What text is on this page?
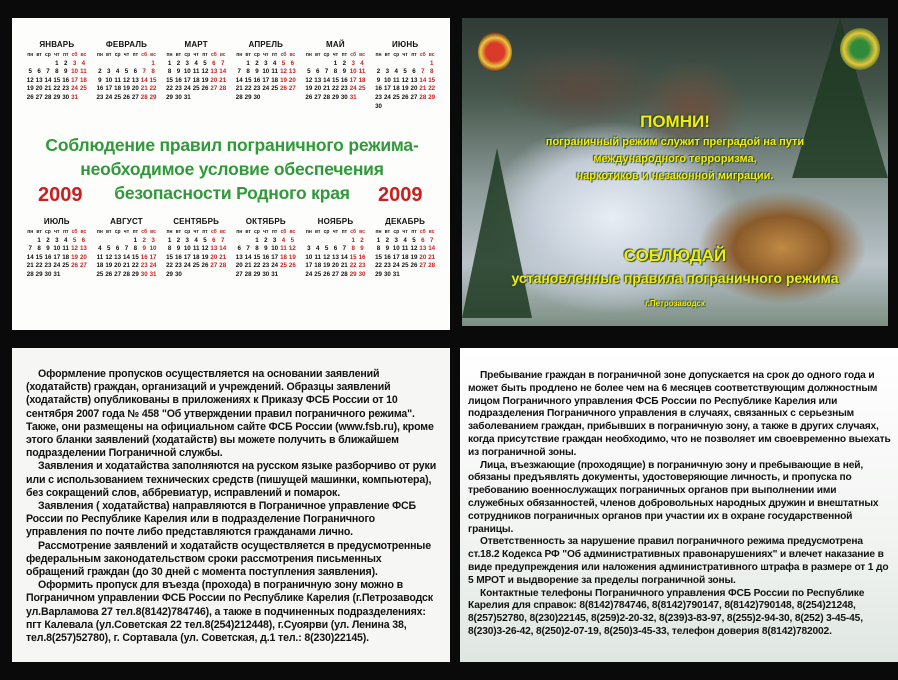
ЯНВАРЬ
пн вт ср чт пт сб вс
1 2 3 4
5 6 7 8 9 10 11
12 13 14 15 16 17 18
19 20 21 22 23 24 25
26 27 28 29 30 31
ФЕВРАЛЬ
пн вт ср чт пт сб вс
1
2 3 4 5 6 7 8
9 10 11 12 13 14 15
16 17 18 19 20 21 22
23 24 25 26 27 28 29
МАРТ
пн вт ср чт пт сб вс
1 2 3 4 5 6 7
8 9 10 11 12 13 14
15 16 17 18 19 20 21
22 23 24 25 26 27 28
29 30 31
АПРЕЛЬ
пн вт ср чт пт сб вс
1 2 3 4 5 6
7 8 9 10 11 12 13
14 15 16 17 18 19 20
21 22 23 24 25 26 27
28 29 30
МАЙ
пн вт ср чт пт сб вс
1 2 3 4
5 6 7 8 9 10 11
12 13 14 15 16 17 18
19 20 21 22 23 24 25
26 27 28 29 30 31
ИЮНЬ
пн вт ср чт пт сб вс
1
2 3 4 5 6 7 8
9 10 11 12 13 14 15
16 17 18 19 20 21 22
23 24 25 26 27 28 29
30
Соблюдение правил пограничного режима-
необходимое условие обеспечения
безопасности Родного края
2009	2009
ИЮЛЬ
пн вт ср чт пт сб вс
1 2 3 4 5 6
7 8 9 10 11 12 13
14 15 16 17 18 19 20
21 22 23 24 25 26 27
28 29 30 31
АВГУСТ
пн вт ср чт пт сб вс
1 2 3
4 5 6 7 8 9 10
11 12 13 14 15 16 17
18 19 20 21 22 23 24
25 26 27 28 29 30 31
СЕНТЯБРЬ
пн вт ср чт пт сб вс
1 2 3 4 5 6 7
8 9 10 11 12 13 14
15 16 17 18 19 20 21
22 23 24 25 26 27 28
29 30
ОКТЯБРЬ
пн вт ср чт пт сб вс
1 2 3 4 5
6 7 8 9 10 11 12
13 14 15 16 17 18 19
20 21 22 23 24 25 26
27 28 29 30 31
НОЯБРЬ
пн вт ср чт пт сб вс
1 2
3 4 5 6 7 8 9
10 11 12 13 14 15 16
17 18 19 20 21 22 23
24 25 26 27 28 29 30
ДЕКАБРЬ
пн вт ср чт пт сб вс
1 2 3 4 5 6 7
8 9 10 11 12 13 14
15 16 17 18 19 20 21
22 23 24 25 26 27 28
29 30 31
ПОМНИ!
пограничный режим служит преградой на пути
международного терроризма,
наркотиков и незаконной миграции.
СОБЛЮДАЙ
установленные правила пограничного режима
г.Петрозаводск

Оформление пропусков осуществляется на основании заявлений (ходатайств) граждан, организаций и учреждений. Образцы заявлений (ходатайств) опубликованы в приложениях к Приказу ФСБ России от 10 сентября 2007 года № 458 "Об утверждении правил пограничного режима". Также, они размещены на официальном сайте ФСБ России (www.fsb.ru), кроме этого бланки заявлений (ходатайств) вы можете получить в ближайшем подразделении Пограничной службы.

Заявления и ходатайства заполняются на русском языке разборчиво от руки или с использованием технических средств (пишущей машинки, компьютера), без сокращений слов, аббревиатур, исправлений и помарок.

Заявления ( ходатайства) направляются в Пограничное управление ФСБ России по Республике Карелия или в подразделение Пограничного управления по почте либо представляются гражданами лично.

Рассмотрение заявлений и ходатайств осуществляется в предусмотренные федеральным законодательством сроки рассмотрения письменных обращений граждан (до 30 дней с момента поступления заявления).

Оформить пропуск для въезда (прохода) в пограничную зону можно в Пограничном управлении ФСБ России по Республике Карелия (г.Петрозаводск ул.Варламова 27 тел.8(8142)784746), а также в подчиненных подразделениях: пгт Калевала (ул.Советская 22 тел.8(254)212448), г.Суоярви (ул. Ленина 38, тел.8(257)52780), г. Сортавала (ул. Советская, д.1 тел.: 8(230)22145).

Пребывание граждан в пограничной зоне допускается на срок до одного года и может быть продлено не более чем на 6 месяцев соответствующим должностным лицом Пограничного управления ФСБ России по Республике Карелия или подразделения Пограничного управления в случаях, связанных с серьезным заболеванием граждан, прибывших в пограничную зону, а также в других случаях, когда присутствие граждан необходимо, что не позволяет им своевременно выехать из пограничной зоны.

Лица, въезжающие (проходящие) в пограничную зону и пребывающие в ней, обязаны предъявлять документы, удостоверяющие личность, и пропуска по требованию военнослужащих пограничных органов при выполнении ими служебных обязанностей, членов добровольных народных дружин и внештатных сотрудников пограничных органов при участии их в охране государственной границы.

Ответственность за нарушение правил пограничного режима предусмотрена ст.18.2 Кодекса РФ "Об административных правонарушениях" и влечет наказание в виде предупреждения или наложения административного штрафа в размере от 1 до 5 МРОТ и выдворение за пределы пограничной зоны.

Контактные телефоны Пограничного управления ФСБ России по Республике Карелия для справок: 8(8142)784746, 8(8142)790147, 8(8142)790148, 8(254)21248, 8(257)52780, 8(230)22145, 8(259)2-20-32, 8(239)3-83-97, 8(255)2-94-30, 8(252) 3-45-45, 8(230)3-26-42, 8(250)2-07-19, 8(250)3-45-33, телефон доверия 8(8142)782002.
